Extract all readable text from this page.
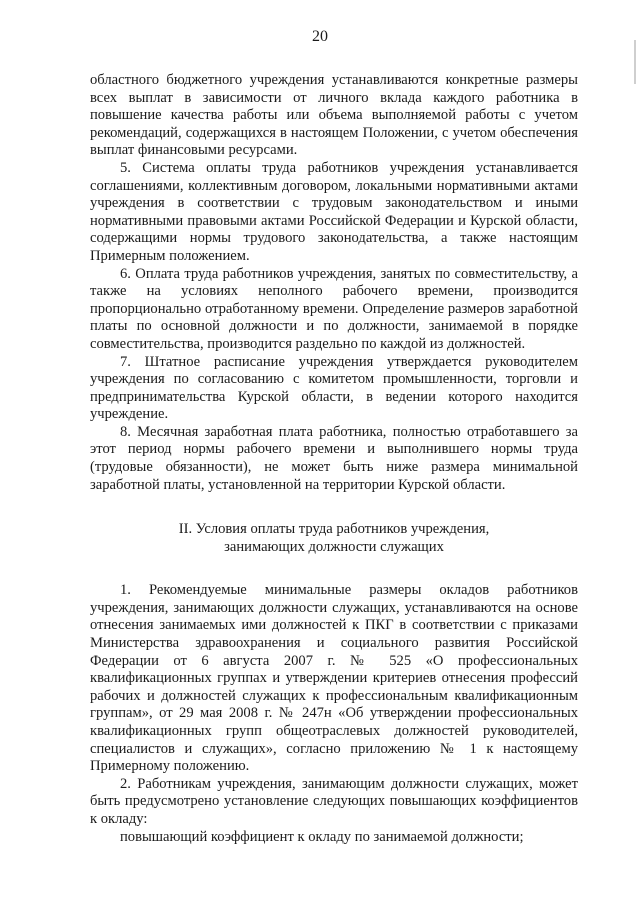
20

областного бюджетного учреждения устанавливаются конкретные размеры всех выплат в зависимости от личного вклада каждого работника в повышение качества работы или объема выполняемой работы с учетом рекомендаций, содержащихся в настоящем Положении, с учетом обеспечения выплат финансовыми ресурсами.

5. Система оплаты труда работников учреждения устанавливается соглашениями, коллективным договором, локальными нормативными актами учреждения в соответствии с трудовым законодательством и иными нормативными правовыми актами Российской Федерации и Курской области, содержащими нормы трудового законодательства, а также настоящим Примерным положением.

6. Оплата труда работников учреждения, занятых по совместительству, а также на условиях неполного рабочего времени, производится пропорционально отработанному времени. Определение размеров заработной платы по основной должности и по должности, занимаемой в порядке совместительства, производится раздельно по каждой из должностей.

7. Штатное расписание учреждения утверждается руководителем учреждения по согласованию с комитетом промышленности, торговли и предпринимательства Курской области, в ведении которого находится учреждение.

8. Месячная заработная плата работника, полностью отработавшего за этот период нормы рабочего времени и выполнившего нормы труда (трудовые обязанности), не может быть ниже размера минимальной заработной платы, установленной на территории Курской области.

II. Условия оплаты труда работников учреждения,
занимающих должности служащих

1. Рекомендуемые минимальные размеры окладов работников учреждения, занимающих должности служащих, устанавливаются на основе отнесения занимаемых ими должностей к ПКГ в соответствии с приказами Министерства здравоохранения и социального развития Российской Федерации от 6 августа 2007 г. № 525 «О профессиональных квалификационных группах и утверждении критериев отнесения профессий рабочих и должностей служащих к профессиональным квалификационным группам», от 29 мая 2008 г. № 247н «Об утверждении профессиональных квалификационных групп общеотраслевых должностей руководителей, специалистов и служащих», согласно приложению № 1 к настоящему Примерному положению.

2. Работникам учреждения, занимающим должности служащих, может быть предусмотрено установление следующих повышающих коэффициентов к окладу:

повышающий коэффициент к окладу по занимаемой должности;
